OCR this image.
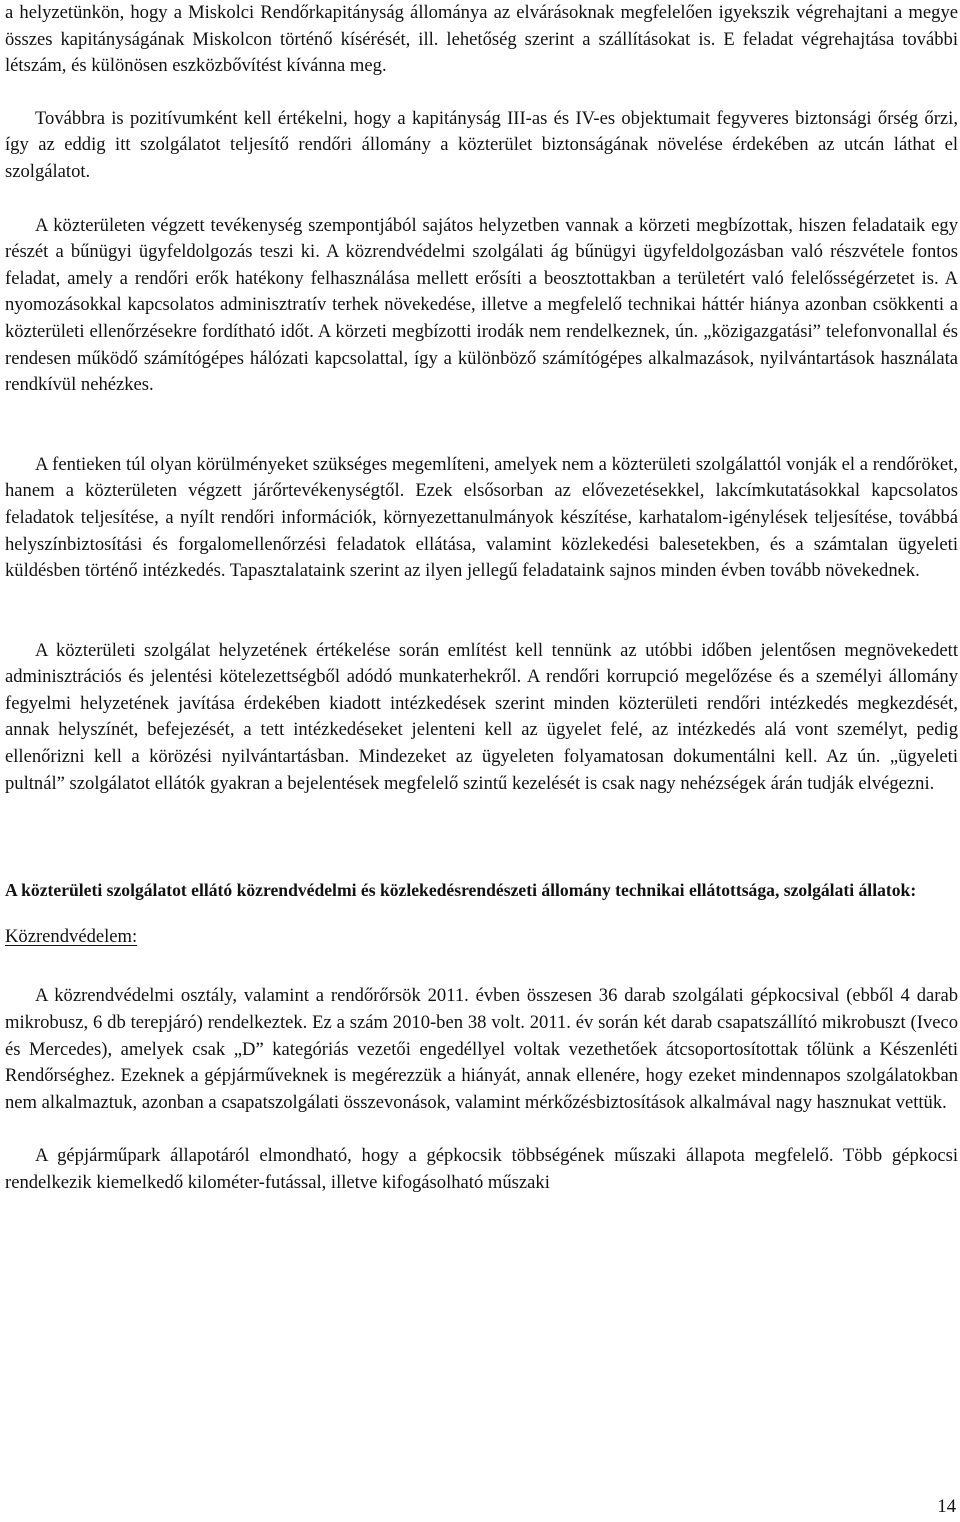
a helyzetünkön, hogy a Miskolci Rendőrkapitányság állománya az elvárásoknak megfelelően igyekszik végrehajtani a megye összes kapitányságának Miskolcon történő kísérését, ill. lehetőség szerint a szállításokat is. E feladat végrehajtása további létszám, és különösen eszközbővítést kívánna meg.

Továbbra is pozitívumként kell értékelni, hogy a kapitányság III-as és IV-es objektumait fegyveres biztonsági őrség őrzi, így az eddig itt szolgálatot teljesítő rendőri állomány a közterület biztonságának növelése érdekében az utcán láthat el szolgálatot.

A közterületen végzett tevékenység szempontjából sajátos helyzetben vannak a körzeti megbízottak, hiszen feladataik egy részét a bűnügyi ügyfeldolgozás teszi ki. A közrendvédelmi szolgálati ág bűnügyi ügyfeldolgozásban való részvétele fontos feladat, amely a rendőri erők hatékony felhasználása mellett erősíti a beosztottakban a területért való felelősségérzetet is. A nyomozásokkal kapcsolatos adminisztratív terhek növekedése, illetve a megfelelő technikai háttér hiánya azonban csökkenti a közterületi ellenőrzésekre fordítható időt. A körzeti megbízotti irodák nem rendelkeznek, ún. „közigazgatási” telefonvonallal és rendesen működő számítógépes hálózati kapcsolattal, így a különböző számítógépes alkalmazások, nyilvántartások használata rendkívül nehézkes.

A fentieken túl olyan körülményeket szükséges megemlíteni, amelyek nem a közterületi szolgálattól vonják el a rendőröket, hanem a közterületen végzett járőrtevékenységtől. Ezek elsősorban az elővezetésekkel, lakcímkutatásokkal kapcsolatos feladatok teljesítése, a nyílt rendőri információk, környezettanulmányok készítése, karhatalom-igénylések teljesítése, továbbá helyszínbiztosítási és forgalomellenőrzési feladatok ellátása, valamint közlekedési balesetekben, és a számtalan ügyeleti küldésben történő intézkedés. Tapasztalataink szerint az ilyen jellegű feladataink sajnos minden évben tovább növekednek.

A közterületi szolgálat helyzetének értékelése során említést kell tennünk az utóbbi időben jelentősen megnövekedett adminisztrációs és jelentési kötelezettségből adódó munkaterhekről. A rendőri korrupció megelőzése és a személyi állomány fegyelmi helyzetének javítása érdekében kiadott intézkedések szerint minden közterületi rendőri intézkedés megkezdését, annak helyszínét, befejezését, a tett intézkedéseket jelenteni kell az ügyelet felé, az intézkedés alá vont személyt, pedig ellenőrizni kell a körözési nyilvántartásban. Mindezeket az ügyeleten folyamatosan dokumentálni kell. Az ún. „ügyeleti pultnál” szolgálatot ellátók gyakran a bejelentések megfelelő szintű kezelését is csak nagy nehézségek árán tudják elvégezni.

A közterületi szolgálatot ellátó közrendvédelmi és közlekedésrendészeti állomány technikai ellátottsága, szolgálati állatok:

Közrendvédelem:

A közrendvédelmi osztály, valamint a rendőrőrsök 2011. évben összesen 36 darab szolgálati gépkocsival (ebből 4 darab mikrobusz, 6 db terepjáró) rendelkeztek. Ez a szám 2010-ben 38 volt. 2011. év során két darab csapatszállító mikrobuszt (Iveco és Mercedes), amelyek csak „D” kategóriás vezetői engedéllyel voltak vezethetőek átcsoportosítottak tőlünk a Készenléti Rendőrséghez. Ezeknek a gépjárműveknek is megérezzük a hiányát, annak ellenére, hogy ezeket mindennapos szolgálatokban nem alkalmaztuk, azonban a csapatszolgálati összevonások, valamint mérkőzésbiztosítások alkalmával nagy hasznukat vettük.

A gépjárműpark állapotáról elmondható, hogy a gépkocsik többségének műszaki állapota megfelelő. Több gépkocsi rendelkezik kiemelkedő kilométer-futással, illetve kifogásolható műszaki

14
